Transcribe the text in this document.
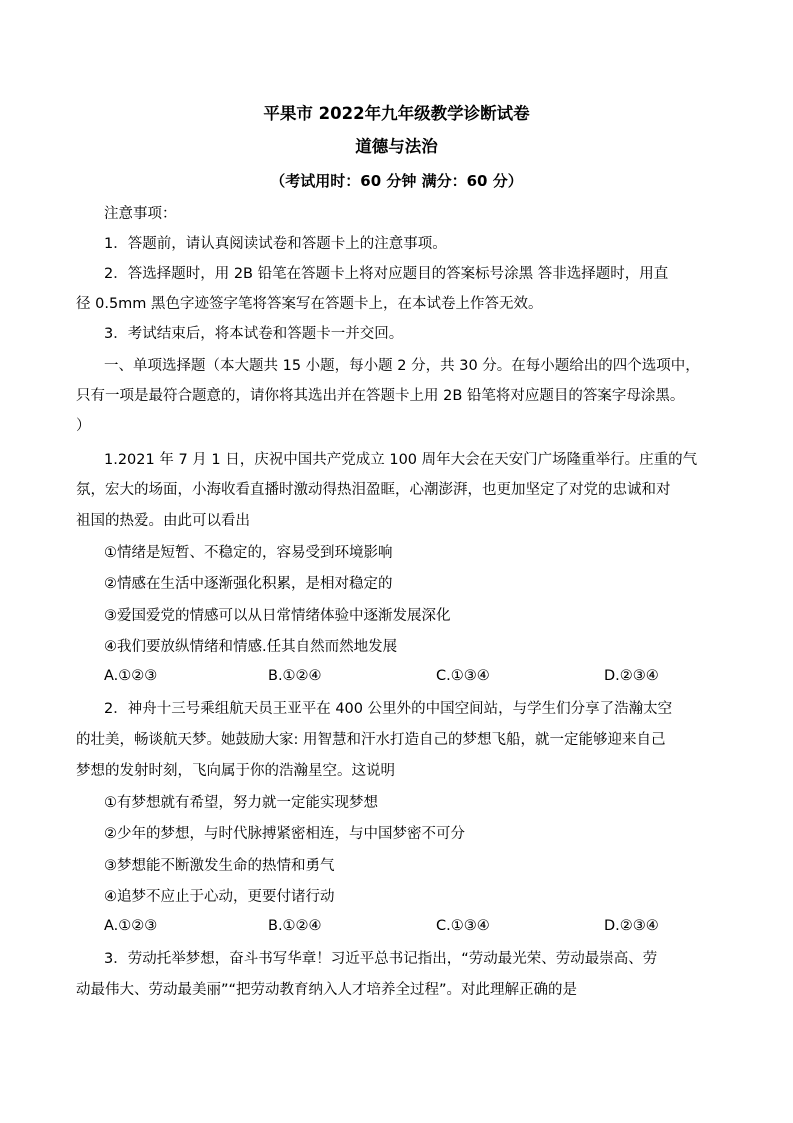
平果市 2022年九年级教学诊断试卷
道德与法治
（考试用时：60 分钟 满分：60 分）
注意事项：
1．答题前，请认真阅读试卷和答题卡上的注意事项。
2．答选择题时，用 2B 铅笔在答题卡上将对应题目的答案标号涂黑 答非选择题时，用直
径 0.5mm 黑色字迹签字笔将答案写在答题卡上，在本试卷上作答无效。
3．考试结束后，将本试卷和答题卡一并交回。
一、单项选择题（本大题共 15 小题，每小题 2 分，共 30 分。在每小题给出的四个选项中，
只有一项是最符合题意的，请你将其选出并在答题卡上用 2B 铅笔将对应题目的答案字母涂黑。
）
1.2021 年 7 月 1 日，庆祝中国共产党成立 100 周年大会在天安门广场隆重举行。庄重的气
氛，宏大的场面，小海收看直播时激动得热泪盈眶，心潮澎湃，也更加坚定了对党的忠诚和对
祖国的热爱。由此可以看出
①情绪是短暂、不稳定的，容易受到环境影响
②情感在生活中逐渐强化积累，是相对稳定的
③爱国爱党的情感可以从日常情绪体验中逐渐发展深化
④我们要放纵情绪和情感.任其自然而然地发展
A.①②③	B.①②④	C.①③④	D.②③④
2．神舟十三号乘组航天员王亚平在 400 公里外的中国空间站，与学生们分享了浩瀚太空
的壮美，畅谈航天梦。她鼓励大家: 用智慧和汗水打造自己的梦想飞船，就一定能够迎来自己
梦想的发射时刻，飞向属于你的浩瀚星空。这说明
①有梦想就有希望，努力就一定能实现梦想
②少年的梦想，与时代脉搏紧密相连，与中国梦密不可分
③梦想能不断激发生命的热情和勇气
④追梦不应止于心动，更要付诸行动
A.①②③	B.①②④	C.①③④	D.②③④
3．劳动托举梦想，奋斗书写华章！习近平总书记指出，“劳动最光荣、劳动最崇高、劳
动最伟大、劳动最美丽”“把劳动教育纳入人才培养全过程”。对此理解正确的是
